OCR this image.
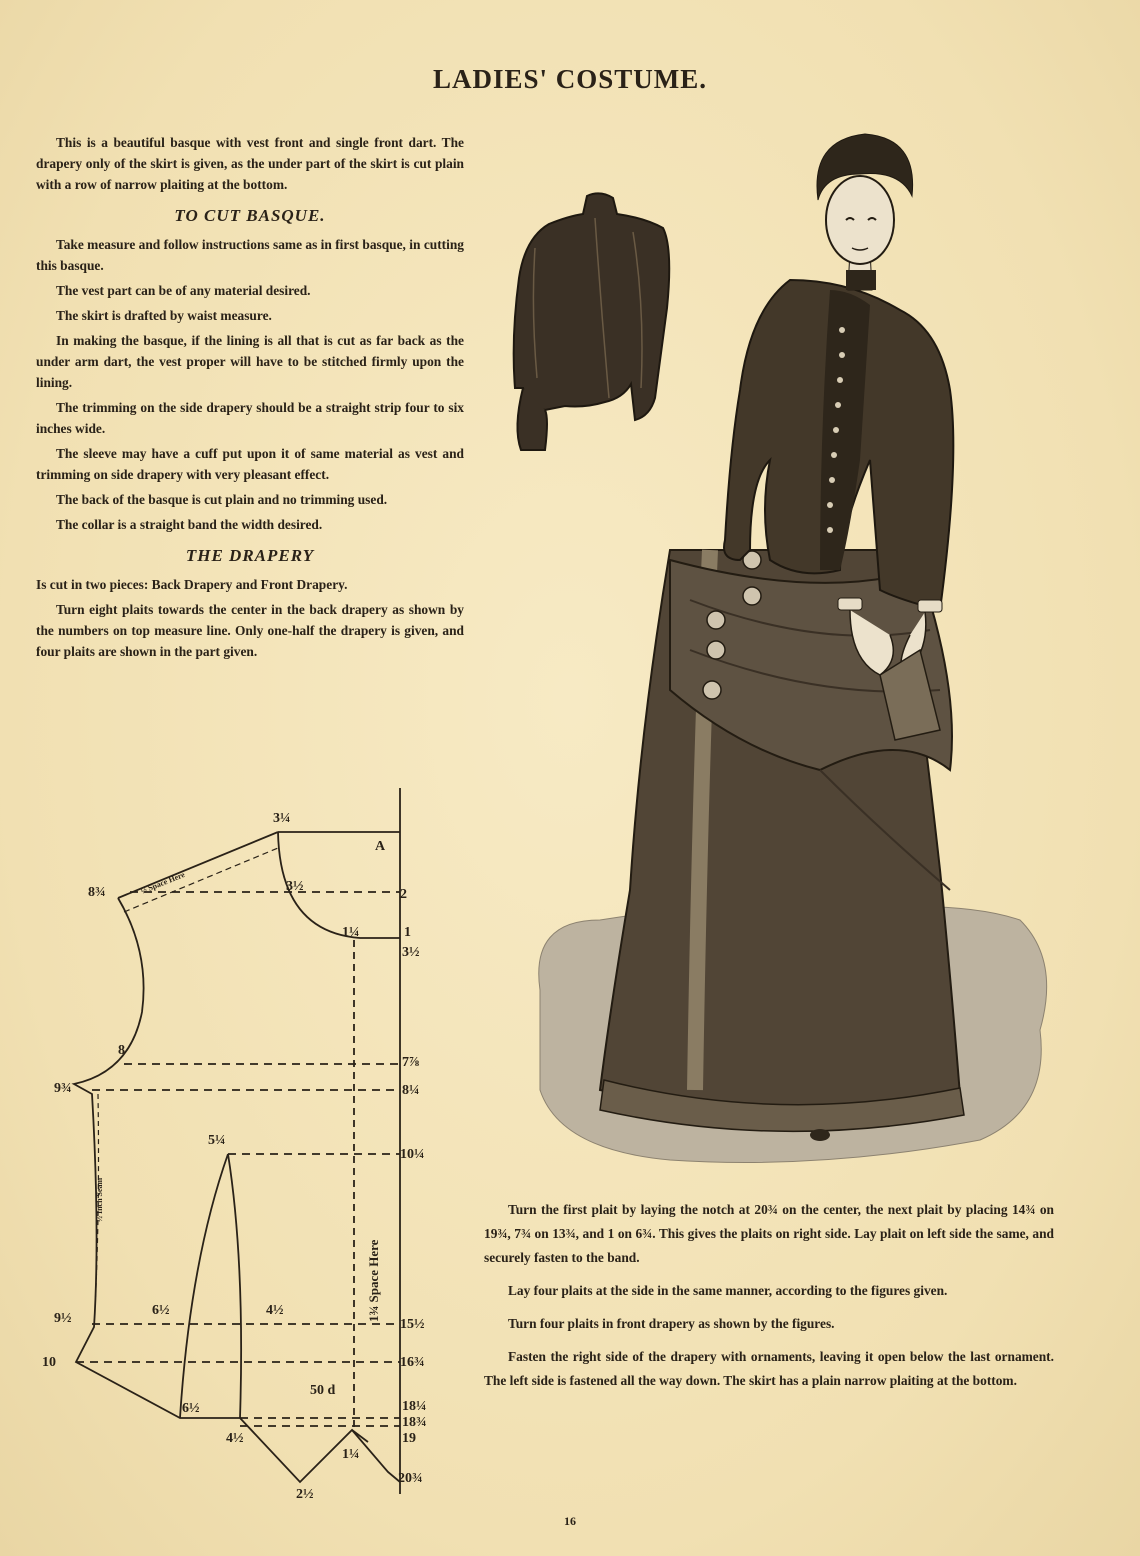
LADIES' COSTUME.

This is a beautiful basque with vest front and single front dart. The drapery only of the skirt is given, as the under part of the skirt is cut plain with a row of narrow plaiting at the bottom.

TO CUT BASQUE.

Take measure and follow instructions same as in first basque, in cutting this basque.

The vest part can be of any material desired.

The skirt is drafted by waist measure.

In making the basque, if the lining is all that is cut as far back as the under arm dart, the vest proper will have to be stitched firmly upon the lining.

The trimming on the side drapery should be a straight strip four to six inches wide.

The sleeve may have a cuff put upon it of same material as vest and trimming on side drapery with very pleasant effect.

The back of the basque is cut plain and no trimming used.

The collar is a straight band the width desired.

THE DRAPERY

Is cut in two pieces: Back Drapery and Front Drapery.

Turn eight plaits towards the center in the back drapery as shown by the numbers on top measure line. Only one-half the drapery is given, and four plaits are shown in the part given.

3¼
A
8¾	3½
2
1¼	1
3½
8
7⅞
9¾	8¼
5¼
10¼
9½
6½	4½
15½
10	16¾
50 d
6½	18¼
18¾
19
4½
1¼
2½
20¾
1¾ Space Here
½ Space Here
½ Inch Seam	Turn the first plait by laying the notch at 20¾ on the center, the next plait by placing 14¾ on 19¾, 7¾ on 13¾, and 1 on 6¾. This gives the plaits on right side. Lay plait on left side the same, and securely fasten to the band.

Lay four plaits at the side in the same manner, according to the figures given.

Turn four plaits in front drapery as shown by the figures.

Fasten the right side of the drapery with ornaments, leaving it open below the last ornament. The left side is fastened all the way down. The skirt has a plain narrow plaiting at the bottom.

16
